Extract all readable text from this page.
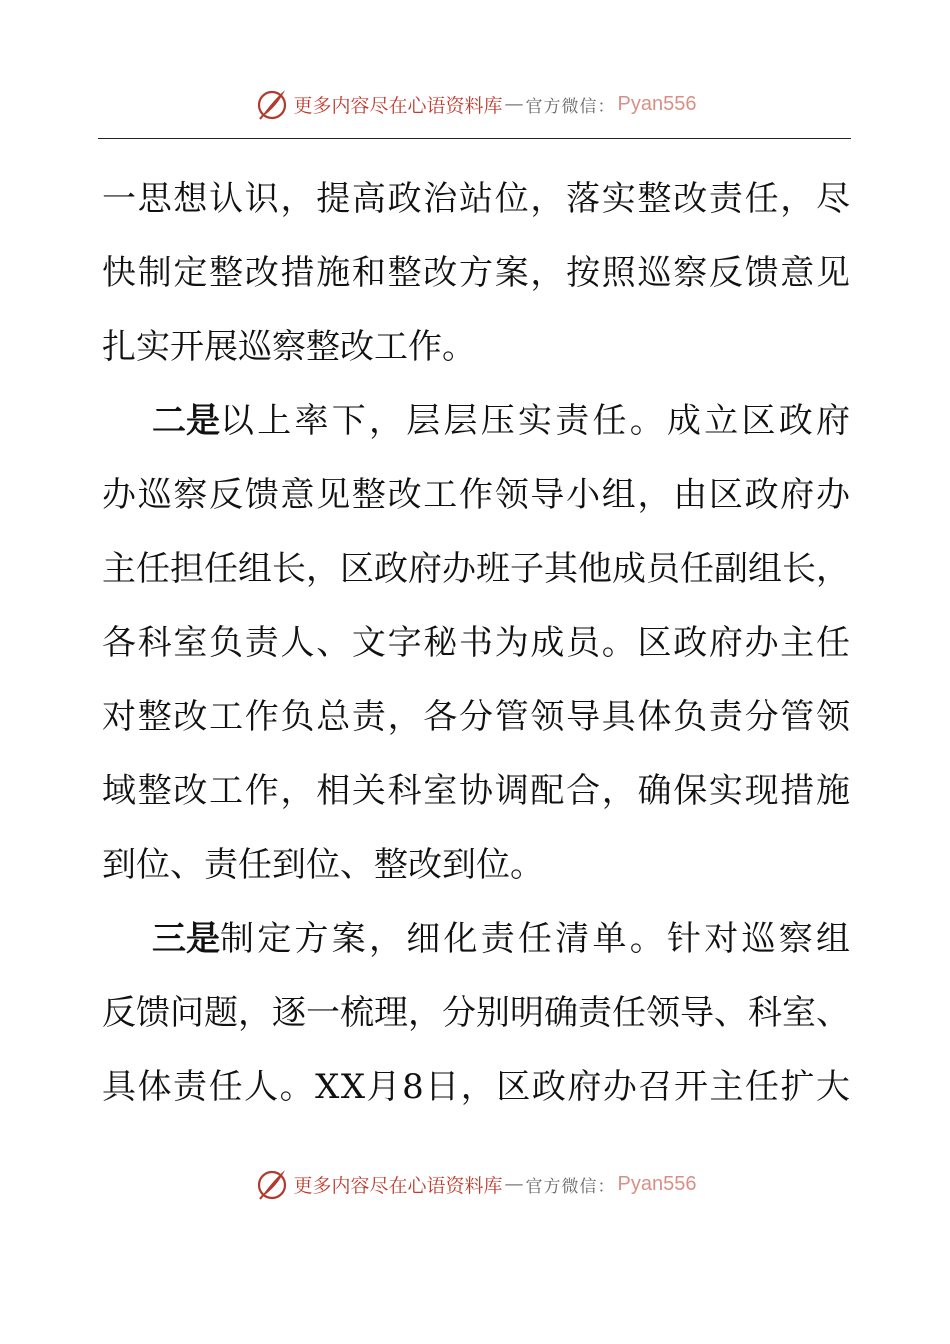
更多内容尽在心语资料库 — 官方微信： Pyan556
一思想认识，提高政治站位，落实整改责任，尽
快制定整改措施和整改方案，按照巡察反馈意见
扎实开展巡察整改工作。
二是以上率下，层层压实责任。成立区政府
办巡察反馈意见整改工作领导小组，由区政府办
主任担任组长，区政府办班子其他成员任副组长，
各科室负责人、文字秘书为成员。区政府办主任
对整改工作负总责，各分管领导具体负责分管领
域整改工作，相关科室协调配合，确保实现措施
到位、责任到位、整改到位。
三是制定方案，细化责任清单。针对巡察组
反馈问题，逐一梳理，分别明确责任领导、科室、
具体责任人。XX月8日，区政府办召开主任扩大
更多内容尽在心语资料库 — 官方微信： Pyan556
